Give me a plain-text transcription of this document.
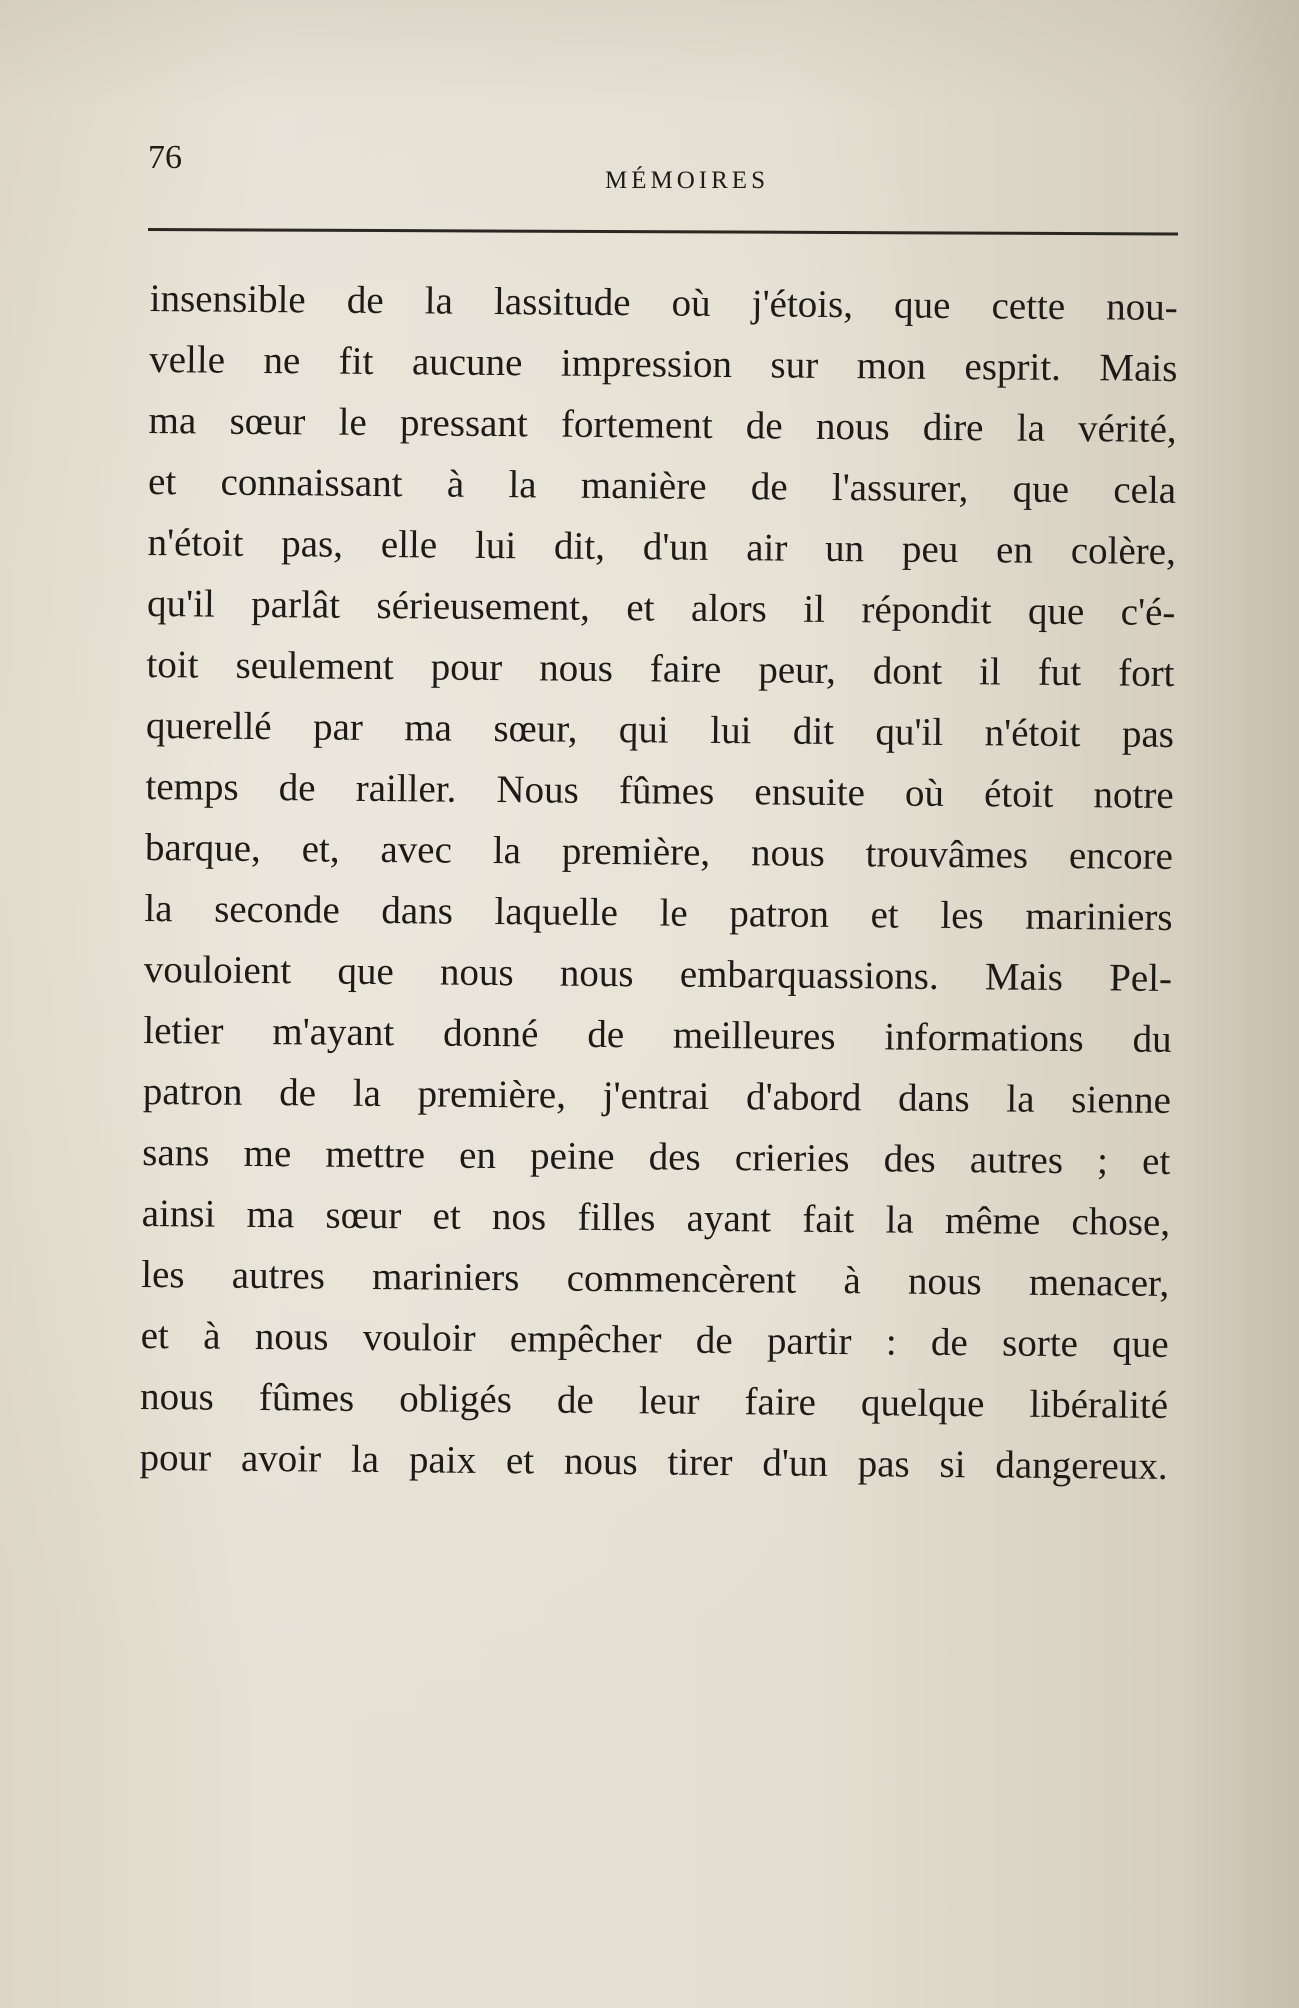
76
MÉMOIRES
insensible de la lassitude où j'étois, que cette nou-
velle ne fit aucune impression sur mon esprit. Mais
ma sœur le pressant fortement de nous dire la vérité,
et connaissant à la manière de l'assurer, que cela
n'étoit pas, elle lui dit, d'un air un peu en colère,
qu'il parlât sérieusement, et alors il répondit que c'é-
toit seulement pour nous faire peur, dont il fut fort
querellé par ma sœur, qui lui dit qu'il n'étoit pas
temps de railler. Nous fûmes ensuite où étoit notre
barque, et, avec la première, nous trouvâmes encore
la seconde dans laquelle le patron et les mariniers
vouloient que nous nous embarquassions. Mais Pel-
letier m'ayant donné de meilleures informations du
patron de la première, j'entrai d'abord dans la sienne
sans me mettre en peine des crieries des autres ; et
ainsi ma sœur et nos filles ayant fait la même chose,
les autres mariniers commencèrent à nous menacer,
et à nous vouloir empêcher de partir : de sorte que
nous fûmes obligés de leur faire quelque libéralité
pour avoir la paix et nous tirer d'un pas si dangereux.
